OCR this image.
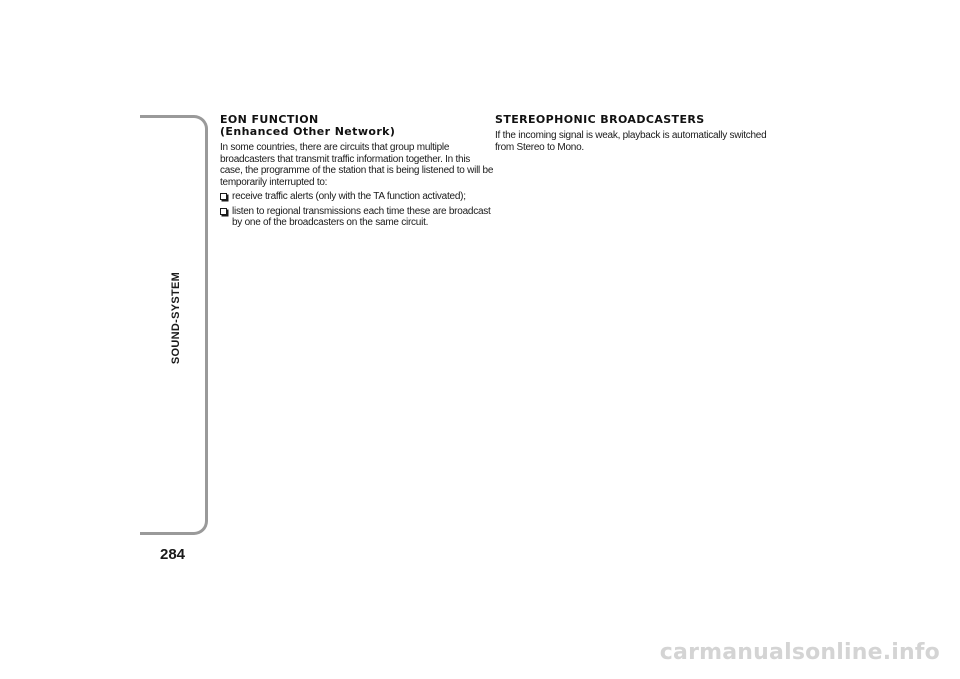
SOUND-SYSTEM
284
EON FUNCTION
(Enhanced Other Network)

In some countries, there are circuits that group multiple broadcasters that transmit traffic information together. In this case, the programme of the station that is being listened to will be temporarily interrupted to:

receive traffic alerts (only with the TA function activated);
listen to regional transmissions each time these are broadcast by one of the broadcasters on the same circuit.
STEREOPHONIC BROADCASTERS

If the incoming signal is weak, playback is automatically switched from Stereo to Mono.

carmanualsonline.info
